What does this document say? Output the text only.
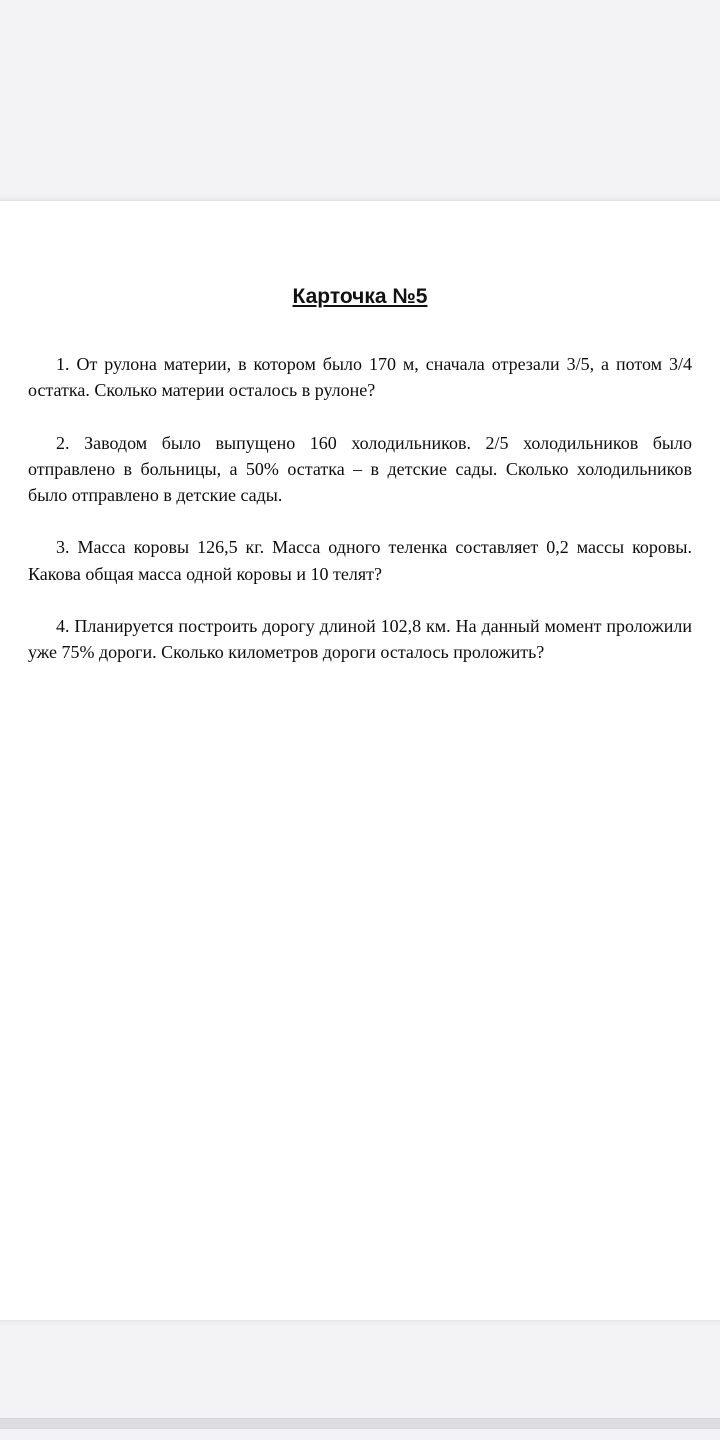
Карточка №5

1. От рулона материи, в котором было 170 м, сначала отрезали 3/5, а потом 3/4 остатка. Сколько материи осталось в рулоне?

2. Заводом было выпущено 160 холодильников. 2/5 холодильников было отправлено в больницы, а 50% остатка – в детские сады. Сколько холодильников было отправлено в детские сады.

3. Масса коровы 126,5 кг. Масса одного теленка составляет 0,2 массы коровы. Какова общая масса одной коровы и 10 телят?

4. Планируется построить дорогу длиной 102,8 км. На данный момент проложили уже 75% дороги. Сколько километров дороги осталось проложить?
